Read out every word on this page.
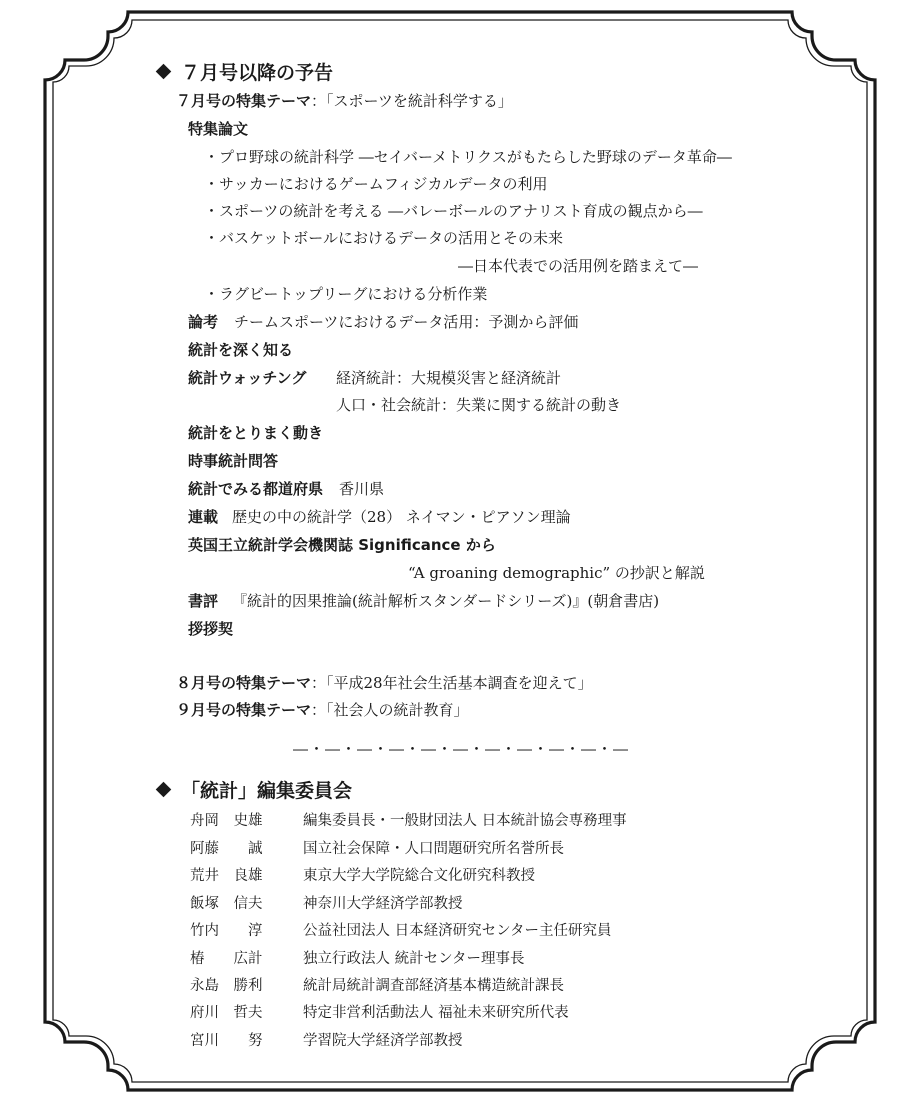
７月号以降の予告
７月号の特集テーマ：「スポーツを統計科学する」
特集論文
・プロ野球の統計科学 ―セイバーメトリクスがもたらした野球のデータ革命―
・サッカーにおけるゲームフィジカルデータの利用
・スポーツの統計を考える ―バレーボールのアナリスト育成の観点から―
・バスケットボールにおけるデータの活用とその未来
―日本代表での活用例を踏まえて―
・ラグビートップリーグにおける分析作業
論考 チームスポーツにおけるデータ活用：予測から評価
統計を深く知る
統計ウォッチング 経済統計：大規模災害と経済統計
人口・社会統計：失業に関する統計の動き
統計をとりまく動き
時事統計問答
統計でみる都道府県 香川県
連載 歴史の中の統計学（28） ネイマン・ピアソン理論
英国王立統計学会機関誌 Significance から
“A groaning demographic” の抄訳と解説
書評 『統計的因果推論(統計解析スタンダードシリーズ)』(朝倉書店)
拶拶契
８月号の特集テーマ：「平成28年社会生活基本調査を迎えて」
９月号の特集テーマ：「社会人の統計教育」
―・―・―・―・―・―・―・―・―・―・―
「統計」編集委員会
舟岡　史雄	編集委員長・一般財団法人 日本統計協会専務理事
阿藤　　誠	国立社会保障・人口問題研究所名誉所長
荒井　良雄	東京大学大学院総合文化研究科教授
飯塚　信夫	神奈川大学経済学部教授
竹内　　淳	公益社団法人 日本経済研究センター主任研究員
椿　　広計	独立行政法人 統計センター理事長
永島　勝利	統計局統計調査部経済基本構造統計課長
府川　哲夫	特定非営利活動法人 福祉未来研究所代表
宮川　　努	学習院大学経済学部教授
